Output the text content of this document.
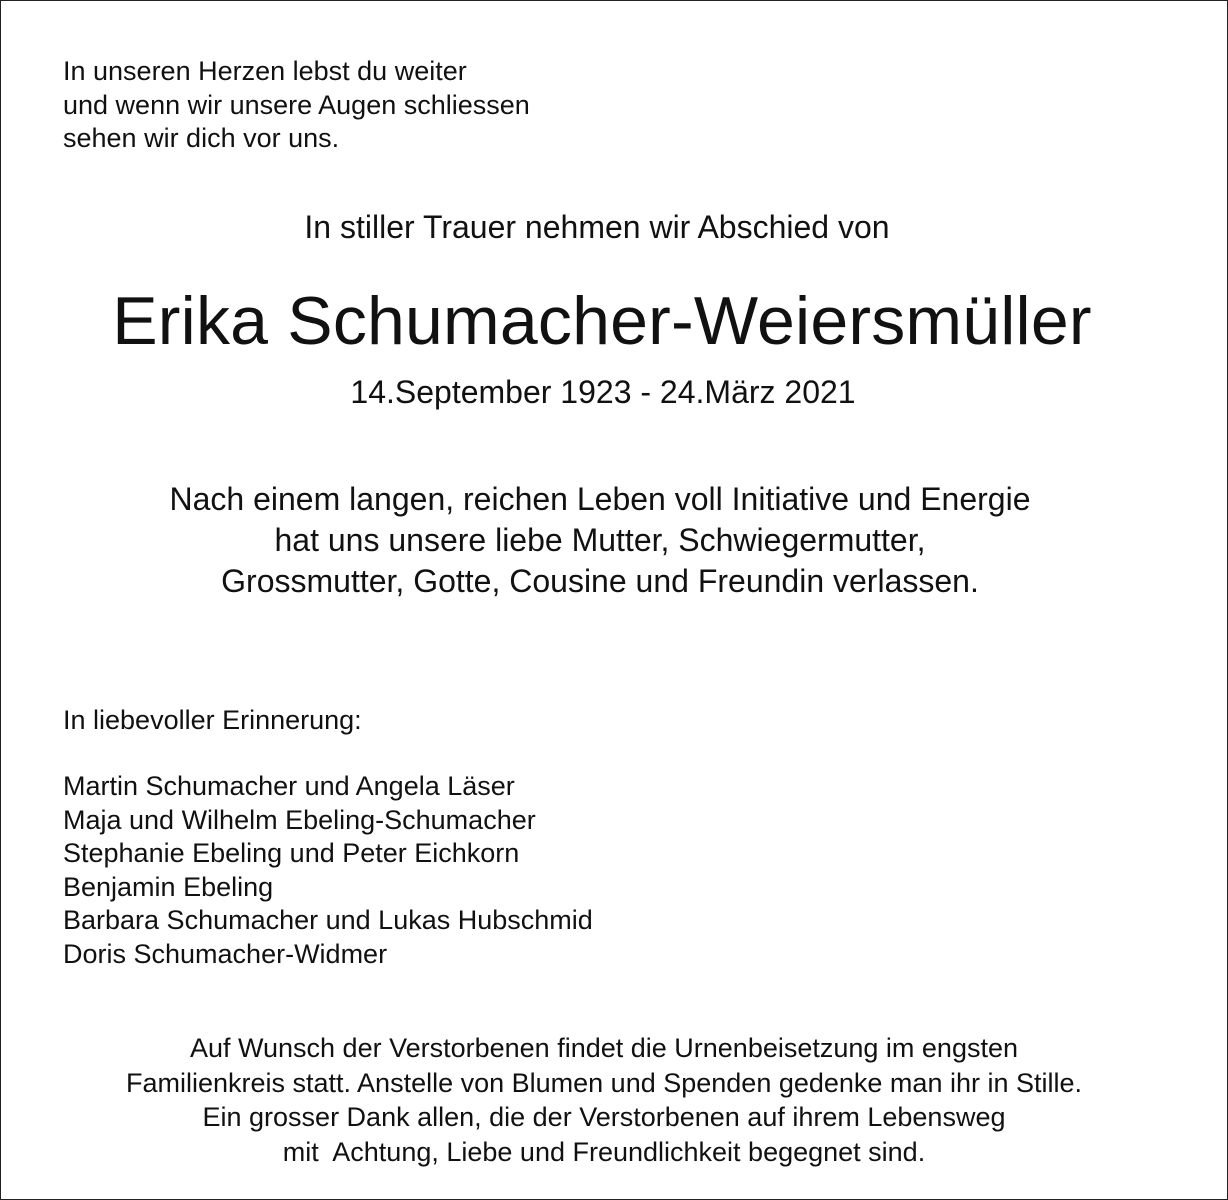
In unseren Herzen lebst du weiter
und wenn wir unsere Augen schliessen
sehen wir dich vor uns.
In stiller Trauer nehmen wir Abschied von
Erika Schumacher-Weiersmüller
14.September 1923 - 24.März 2021
Nach einem langen, reichen Leben voll Initiative und Energie
hat uns unsere liebe Mutter, Schwiegermutter,
Grossmutter, Gotte, Cousine und Freundin verlassen.
In liebevoller Erinnerung:
Martin Schumacher und Angela Läser
Maja und Wilhelm Ebeling-Schumacher
Stephanie Ebeling und Peter Eichkorn
Benjamin Ebeling
Barbara Schumacher und Lukas Hubschmid
Doris Schumacher-Widmer
Auf Wunsch der Verstorbenen findet die Urnenbeisetzung im engsten
Familienkreis statt. Anstelle von Blumen und Spenden gedenke man ihr in Stille.
Ein grosser Dank allen, die der Verstorbenen auf ihrem Lebensweg
mit  Achtung, Liebe und Freundlichkeit begegnet sind.
